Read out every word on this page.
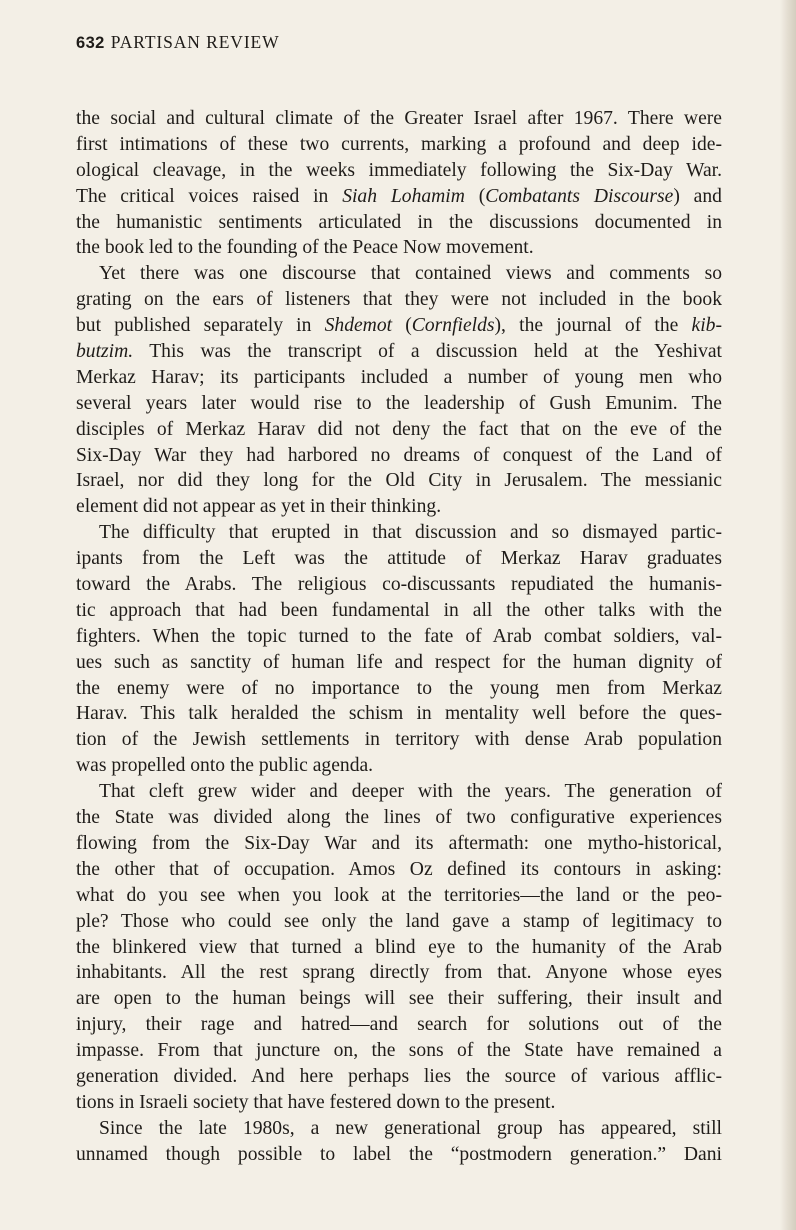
632 PARTISAN REVIEW
the social and cultural climate of the Greater Israel after 1967. There were
first intimations of these two currents, marking a profound and deep ide-
ological cleavage, in the weeks immediately following the Six-Day War.
The critical voices raised in Siah Lohamim (Combatants Discourse) and
the humanistic sentiments articulated in the discussions documented in
the book led to the founding of the Peace Now movement.
Yet there was one discourse that contained views and comments so
grating on the ears of listeners that they were not included in the book
but published separately in Shdemot (Cornfields), the journal of the kib-
butzim. This was the transcript of a discussion held at the Yeshivat
Merkaz Harav; its participants included a number of young men who
several years later would rise to the leadership of Gush Emunim. The
disciples of Merkaz Harav did not deny the fact that on the eve of the
Six-Day War they had harbored no dreams of conquest of the Land of
Israel, nor did they long for the Old City in Jerusalem. The messianic
element did not appear as yet in their thinking.
The difficulty that erupted in that discussion and so dismayed partic-
ipants from the Left was the attitude of Merkaz Harav graduates
toward the Arabs. The religious co-discussants repudiated the humanis-
tic approach that had been fundamental in all the other talks with the
fighters. When the topic turned to the fate of Arab combat soldiers, val-
ues such as sanctity of human life and respect for the human dignity of
the enemy were of no importance to the young men from Merkaz
Harav. This talk heralded the schism in mentality well before the ques-
tion of the Jewish settlements in territory with dense Arab population
was propelled onto the public agenda.
That cleft grew wider and deeper with the years. The generation of
the State was divided along the lines of two configurative experiences
flowing from the Six-Day War and its aftermath: one mytho-historical,
the other that of occupation. Amos Oz defined its contours in asking:
what do you see when you look at the territories—the land or the peo-
ple? Those who could see only the land gave a stamp of legitimacy to
the blinkered view that turned a blind eye to the humanity of the Arab
inhabitants. All the rest sprang directly from that. Anyone whose eyes
are open to the human beings will see their suffering, their insult and
injury, their rage and hatred—and search for solutions out of the
impasse. From that juncture on, the sons of the State have remained a
generation divided. And here perhaps lies the source of various afflic-
tions in Israeli society that have festered down to the present.
Since the late 1980s, a new generational group has appeared, still
unnamed though possible to label the “postmodern generation.” Dani
